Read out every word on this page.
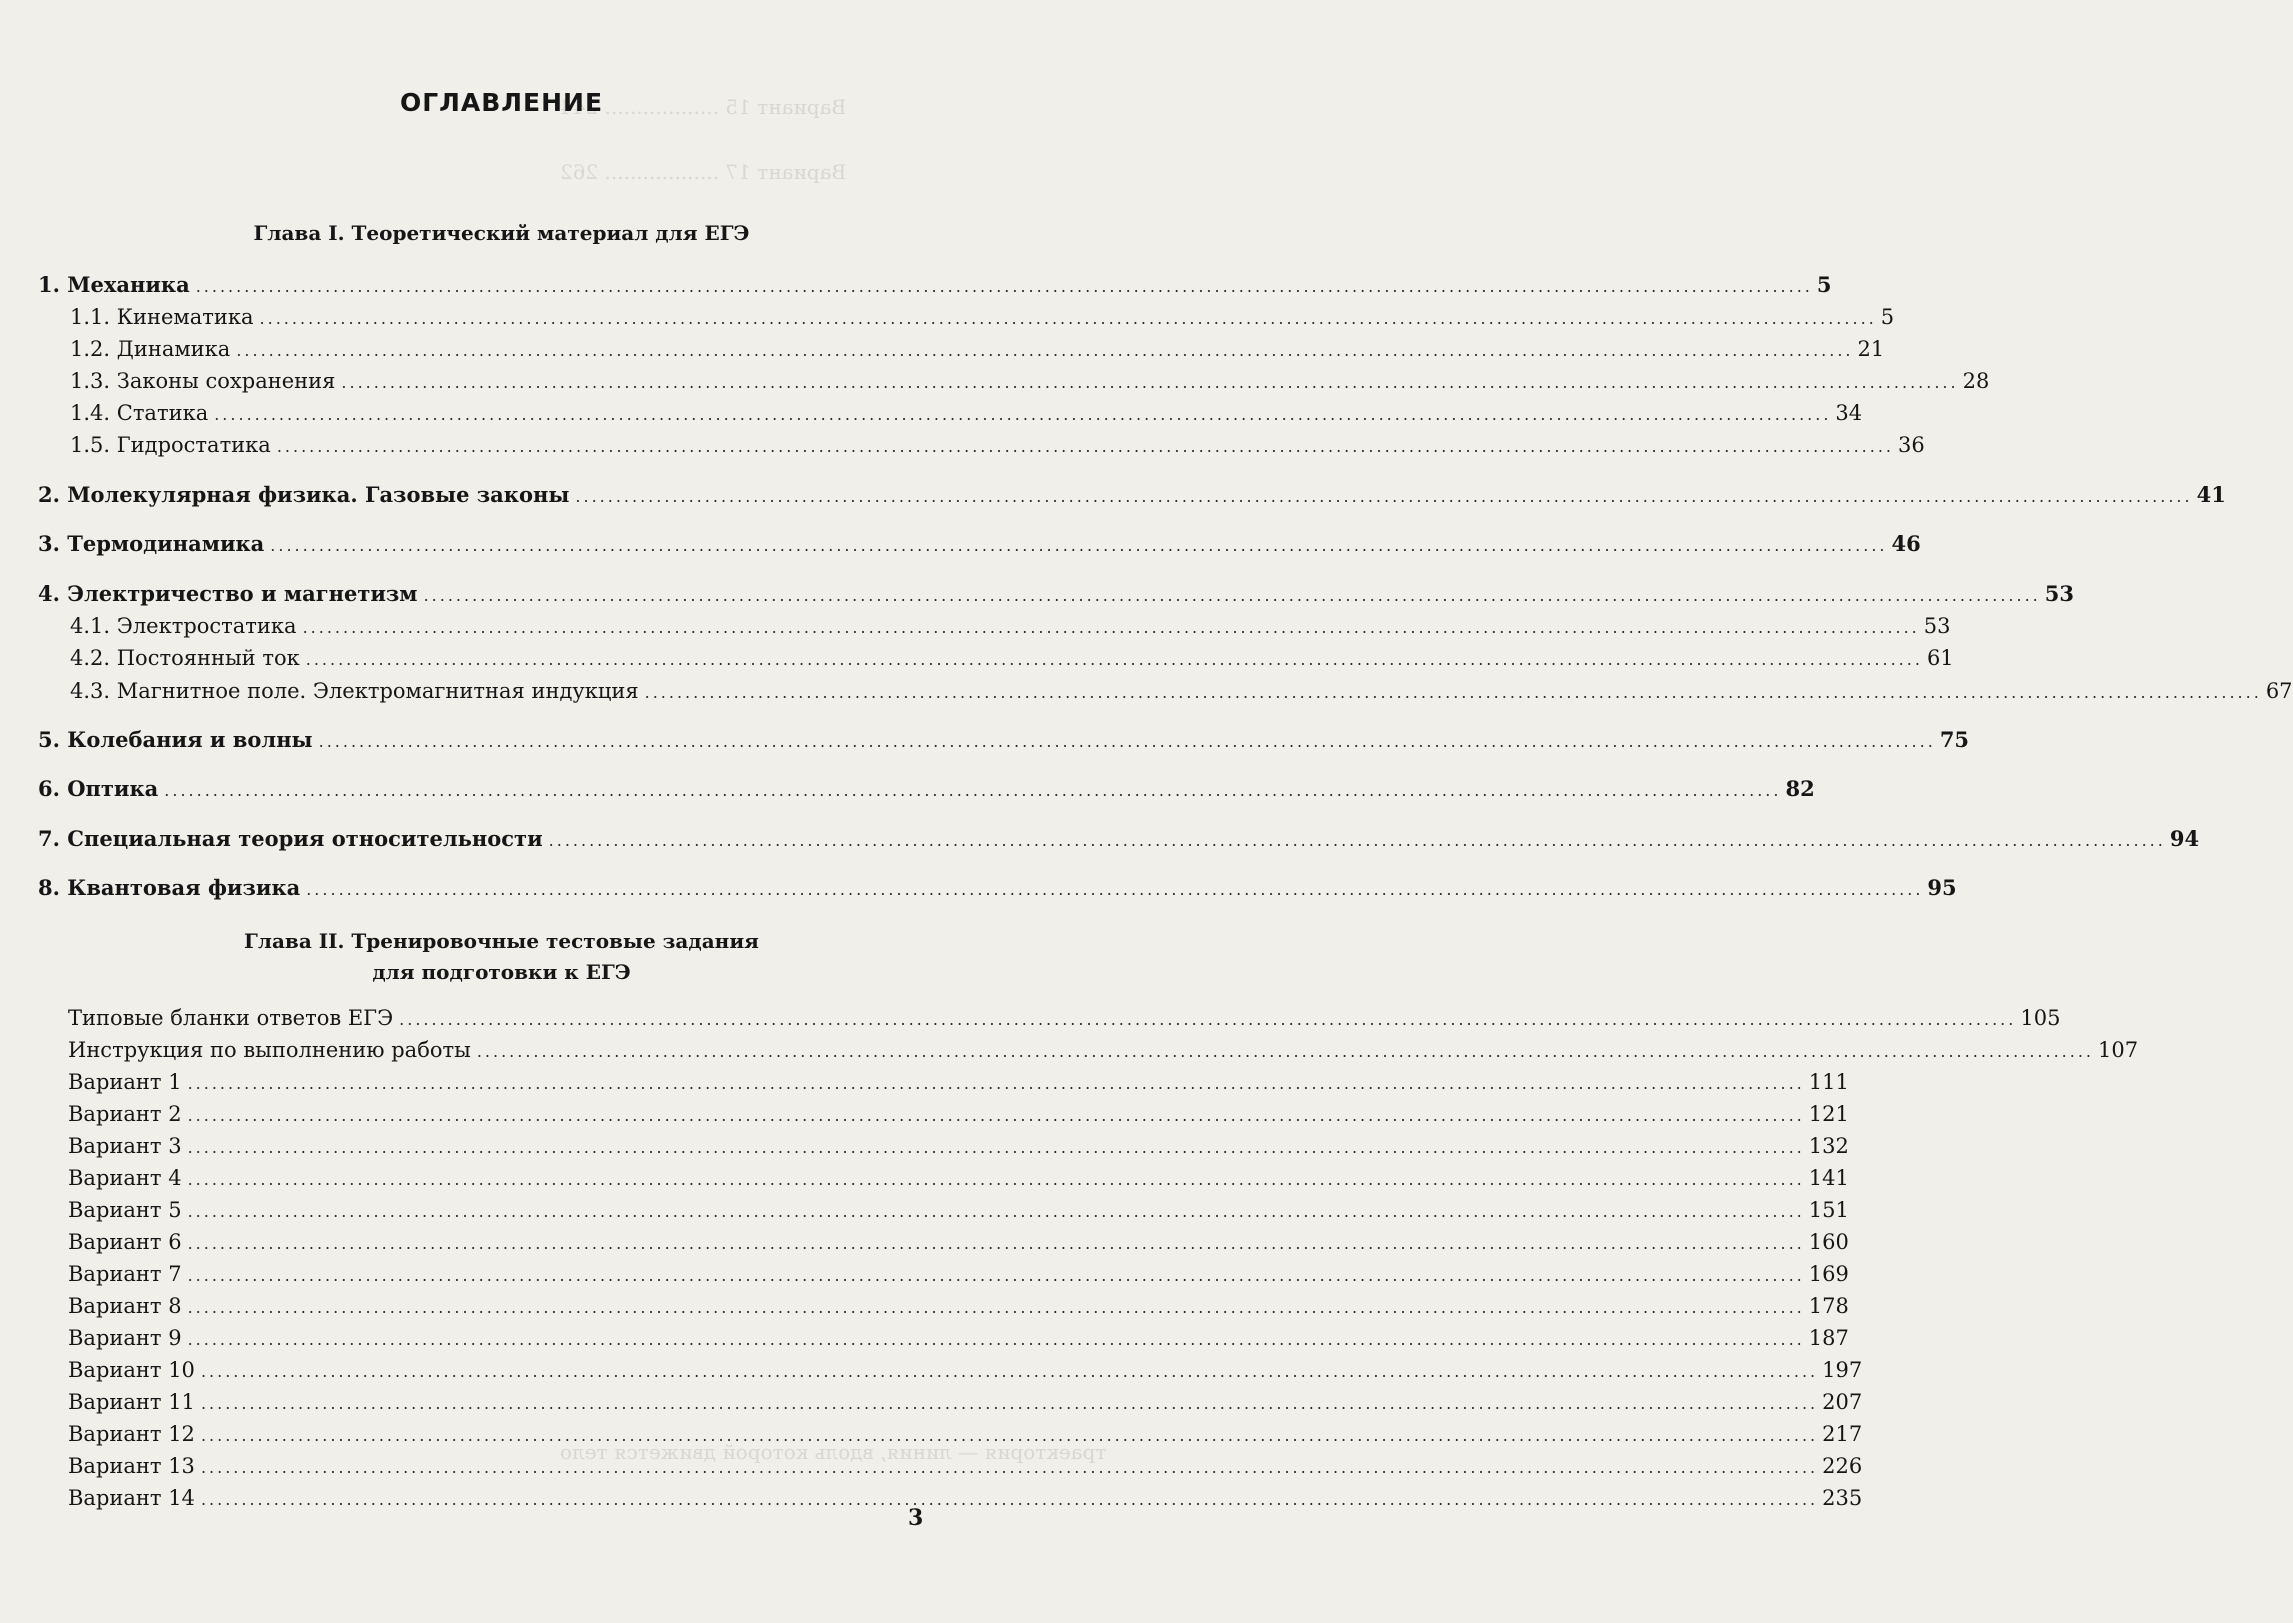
Вариант 15 .................. 244
Вариант 17 .................. 262
траектория — линия, вдоль которой движется тело
ОГЛАВЛЕНИЕ
Глава I. Теоретический материал для ЕГЭ
1. Механика .....	5
1.1. Кинематика .....	5
1.2. Динамика .....	21
1.3. Законы сохранения .....	28
1.4. Статика .....	34
1.5. Гидростатика .....	36
2. Молекулярная физика. Газовые законы .....	41
3. Термодинамика .....	46
4. Электричество и магнетизм .....	53
4.1. Электростатика .....	53
4.2. Постоянный ток .....	61
4.3. Магнитное поле. Электромагнитная индукция .....	67
5. Колебания и волны .....	75
6. Оптика .....	82
7. Специальная теория относительности .....	94
8. Квантовая физика .....	95
Глава II. Тренировочные тестовые задания
для подготовки к ЕГЭ
Типовые бланки ответов ЕГЭ .....	105
Инструкция по выполнению работы .....	107
Вариант 1 .....	111
Вариант 2 .....	121
Вариант 3 .....	132
Вариант 4 .....	141
Вариант 5 .....	151
Вариант 6 .....	160
Вариант 7 .....	169
Вариант 8 .....	178
Вариант 9 .....	187
Вариант 10 .....	197
Вариант 11 .....	207
Вариант 12 .....	217
Вариант 13 .....	226
Вариант 14 .....	235
3
